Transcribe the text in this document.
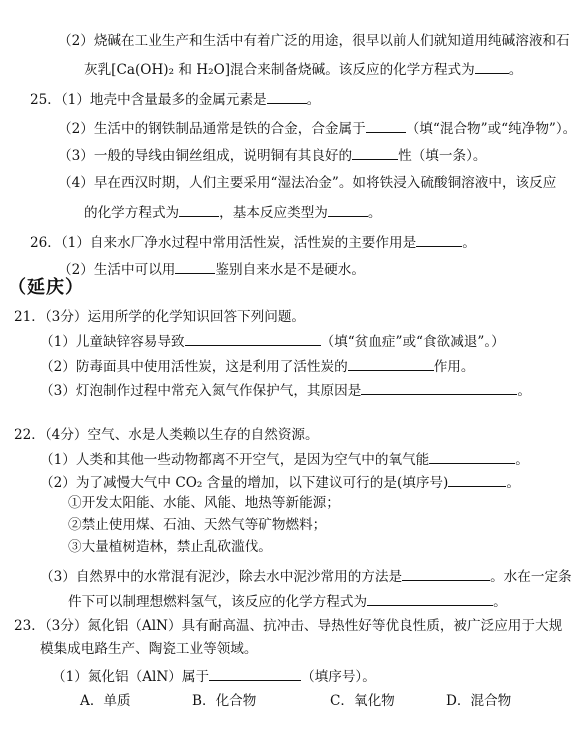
（2）烧碱在工业生产和生活中有着广泛的用途，很早以前人们就知道用纯碱溶液和石
灰乳[Ca(OH)₂ 和 H₂O]混合来制备烧碱。该反应的化学方程式为	。
25．（1）地壳中含量最多的金属元素是	。
（2）生活中的钢铁制品通常是铁的合金，合金属于	（填“混合物”或“纯净物”）。
（3）一般的导线由铜丝组成，说明铜有其良好的	性（填一条）。
（4）早在西汉时期，人们主要采用“湿法冶金”。如将铁浸入硫酸铜溶液中，该反应
的化学方程式为	，基本反应类型为	。
26．（1）自来水厂净水过程中常用活性炭，活性炭的主要作用是	。
（2）生活中可以用	鉴别自来水是不是硬水。
（延庆）
21．（3分）运用所学的化学知识回答下列问题。
（1）儿童缺锌容易导致	（填“贫血症”或“食欲减退”。）
（2）防毒面具中使用活性炭，这是利用了活性炭的	作用。
（3）灯泡制作过程中常充入氮气作保护气，其原因是	。
22．（4分）空气、水是人类赖以生存的自然资源。
（1）人类和其他一些动物都离不开空气，是因为空气中的氧气能	。
（2）为了减慢大气中 CO₂ 含量的增加，以下建议可行的是(填序号)	。
①开发太阳能、水能、风能、地热等新能源；
②禁止使用煤、石油、天然气等矿物燃料；
③大量植树造林，禁止乱砍滥伐。
（3）自然界中的水常混有泥沙，除去水中泥沙常用的方法是	。水在一定条
件下可以制理想燃料氢气，该反应的化学方程式为	。
23．（3分）氮化铝（AlN）具有耐高温、抗冲击、导热性好等优良性质，被广泛应用于大规
模集成电路生产、陶瓷工业等领域。
（1）氮化铝（AlN）属于	（填序号）。
A．单质	B．化合物	C．氧化物	D．混合物
